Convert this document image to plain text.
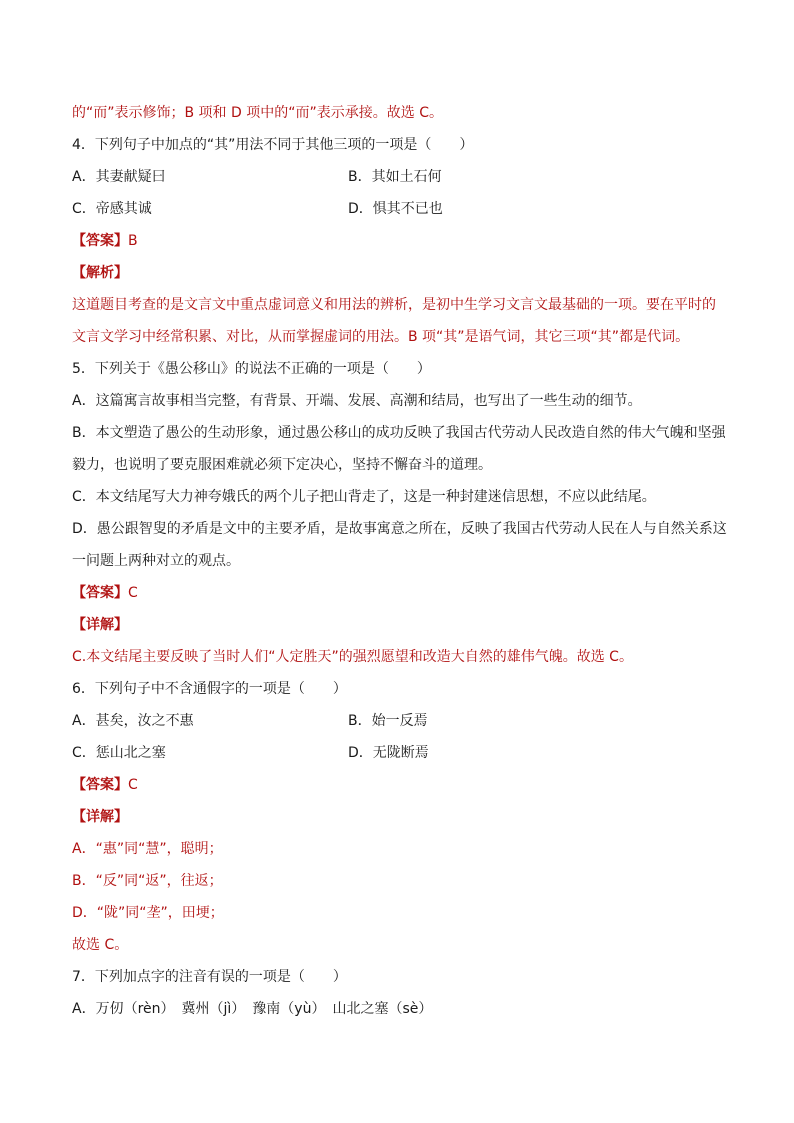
的“而”表示修饰；B 项和 D 项中的“而”表示承接。故选 C。
4．下列句子中加点的“其”用法不同于其他三项的一项是（　　）
A．其妻献疑曰	B．其如土石何
C．帝感其诚	D．惧其不已也
【答案】B
【解析】
这道题目考查的是文言文中重点虚词意义和用法的辨析，是初中生学习文言文最基础的一项。要在平时的
文言文学习中经常积累、对比，从而掌握虚词的用法。B 项“其”是语气词，其它三项“其”都是代词。
5．下列关于《愚公移山》的说法不正确的一项是（　　）
A．这篇寓言故事相当完整，有背景、开端、发展、高潮和结局，也写出了一些生动的细节。
B．本文塑造了愚公的生动形象，通过愚公移山的成功反映了我国古代劳动人民改造自然的伟大气魄和坚强
毅力，也说明了要克服困难就必须下定决心，坚持不懈奋斗的道理。
C．本文结尾写大力神夸娥氏的两个儿子把山背走了，这是一种封建迷信思想，不应以此结尾。
D．愚公跟智叟的矛盾是文中的主要矛盾，是故事寓意之所在，反映了我国古代劳动人民在人与自然关系这
一问题上两种对立的观点。
【答案】C
【详解】
C.本文结尾主要反映了当时人们“人定胜天”的强烈愿望和改造大自然的雄伟气魄。故选 C。
6．下列句子中不含通假字的一项是（　　）
A．甚矣，汝之不惠	B．始一反焉
C．惩山北之塞	D．无陇断焉
【答案】C
【详解】
A．“惠”同“慧”，聪明；
B．“反”同“返”，往返；
D．“陇”同“垄”，田埂；
故选 C。
7．下列加点字的注音有误的一项是（　　）
A．万仞（rèn）　冀州（jì）　豫南（yù）　山北之塞（sè）
